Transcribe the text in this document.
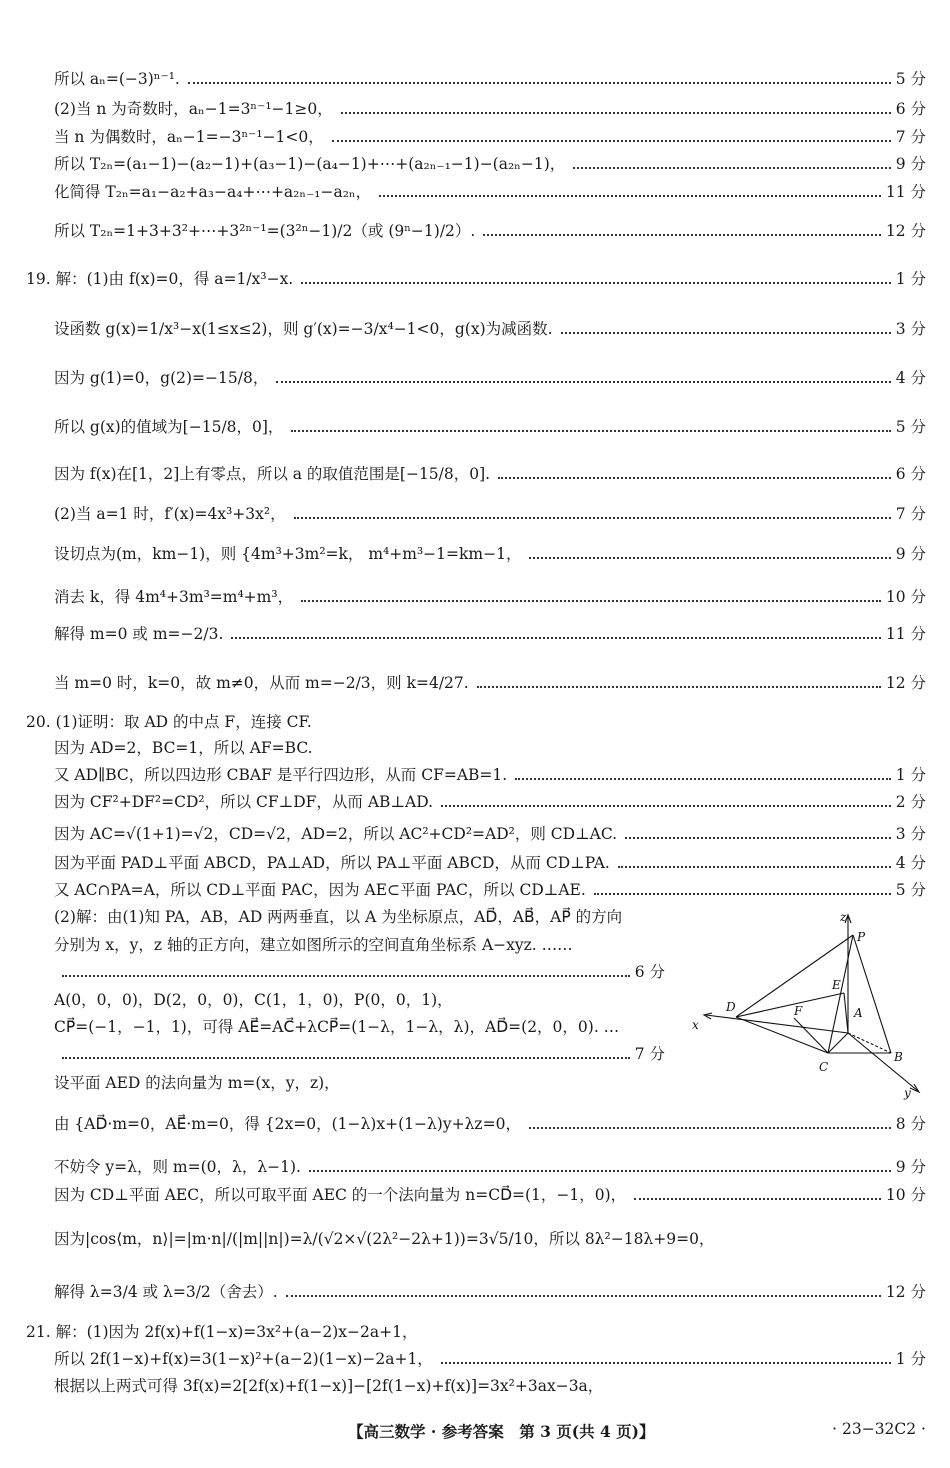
所以 aₙ=(−3)ⁿ⁻¹.	5 分
(2)当 n 为奇数时，aₙ−1=3ⁿ⁻¹−1≥0，	6 分
当 n 为偶数时，aₙ−1=−3ⁿ⁻¹−1<0，	7 分
所以 T₂ₙ=(a₁−1)−(a₂−1)+(a₃−1)−(a₄−1)+⋯+(a₂ₙ₋₁−1)−(a₂ₙ−1)，	9 分
化简得 T₂ₙ=a₁−a₂+a₃−a₄+⋯+a₂ₙ₋₁−a₂ₙ，	11 分
所以 T₂ₙ=1+3+3²+⋯+3²ⁿ⁻¹=(3²ⁿ−1)/2（或 (9ⁿ−1)/2）.	12 分
19. 解：(1)由 f(x)=0，得 a=1/x³−x.	1 分
设函数 g(x)=1/x³−x(1≤x≤2)，则 g′(x)=−3/x⁴−1<0，g(x)为减函数.	3 分
因为 g(1)=0，g(2)=−15/8，	4 分
所以 g(x)的值域为[−15/8，0]，	5 分
因为 f(x)在[1，2]上有零点，所以 a 的取值范围是[−15/8，0].	6 分
(2)当 a=1 时，f′(x)=4x³+3x²，	7 分
设切点为(m，km−1)，则 {4m³+3m²=k， m⁴+m³−1=km−1，	9 分
消去 k，得 4m⁴+3m³=m⁴+m³，	10 分
解得 m=0 或 m=−2/3.	11 分
当 m=0 时，k=0，故 m≠0，从而 m=−2/3，则 k=4/27.	12 分
20. (1)证明：取 AD 的中点 F，连接 CF.
因为 AD=2，BC=1，所以 AF=BC.
又 AD∥BC，所以四边形 CBAF 是平行四边形，从而 CF=AB=1.	1 分
因为 CF²+DF²=CD²，所以 CF⊥DF，从而 AB⊥AD.	2 分
因为 AC=√(1+1)=√2，CD=√2，AD=2，所以 AC²+CD²=AD²，则 CD⊥AC.	3 分
因为平面 PAD⊥平面 ABCD，PA⊥AD，所以 PA⊥平面 ABCD，从而 CD⊥PA.	4 分
又 AC∩PA=A，所以 CD⊥平面 PAC，因为 AE⊂平面 PAC，所以 CD⊥AE.	5 分
(2)解：由(1)知 PA，AB，AD 两两垂直，以 A 为坐标原点，AD⃗，AB⃗，AP⃗ 的方向
分别为 x，y，z 轴的正方向，建立如图所示的空间直角坐标系 A−xyz. ……
6 分
A(0，0，0)，D(2，0，0)，C(1，1，0)，P(0，0，1)，
CP⃗=(−1，−1，1)，可得 AE⃗=AC⃗+λCP⃗=(1−λ，1−λ，λ)，AD⃗=(2，0，0). …
7 分
设平面 AED 的法向量为 m=(x，y，z)，
由 {AD⃗·m=0，AE⃗·m=0，得 {2x=0，(1−λ)x+(1−λ)y+λz=0，	8 分
不妨令 y=λ，则 m=(0，λ，λ−1).	9 分
因为 CD⊥平面 AEC，所以可取平面 AEC 的一个法向量为 n=CD⃗=(1，−1，0)，	10 分
因为|cos⟨m，n⟩|=|m·n|/(|m||n|)=λ/(√2×√(2λ²−2λ+1))=3√5/10，所以 8λ²−18λ+9=0，
解得 λ=3/4 或 λ=3/2（舍去）.	12 分
21. 解：(1)因为 2f(x)+f(1−x)=3x²+(a−2)x−2a+1，
所以 2f(1−x)+f(x)=3(1−x)²+(a−2)(1−x)−2a+1，	1 分
根据以上两式可得 3f(x)=2[2f(x)+f(1−x)]−[2f(1−x)+f(x)]=3x²+3ax−3a，
z
P
E
D	F	A
x
C
B
y
【高三数学 · 参考答案　第 3 页(共 4 页)】	· 23−32C2 ·
